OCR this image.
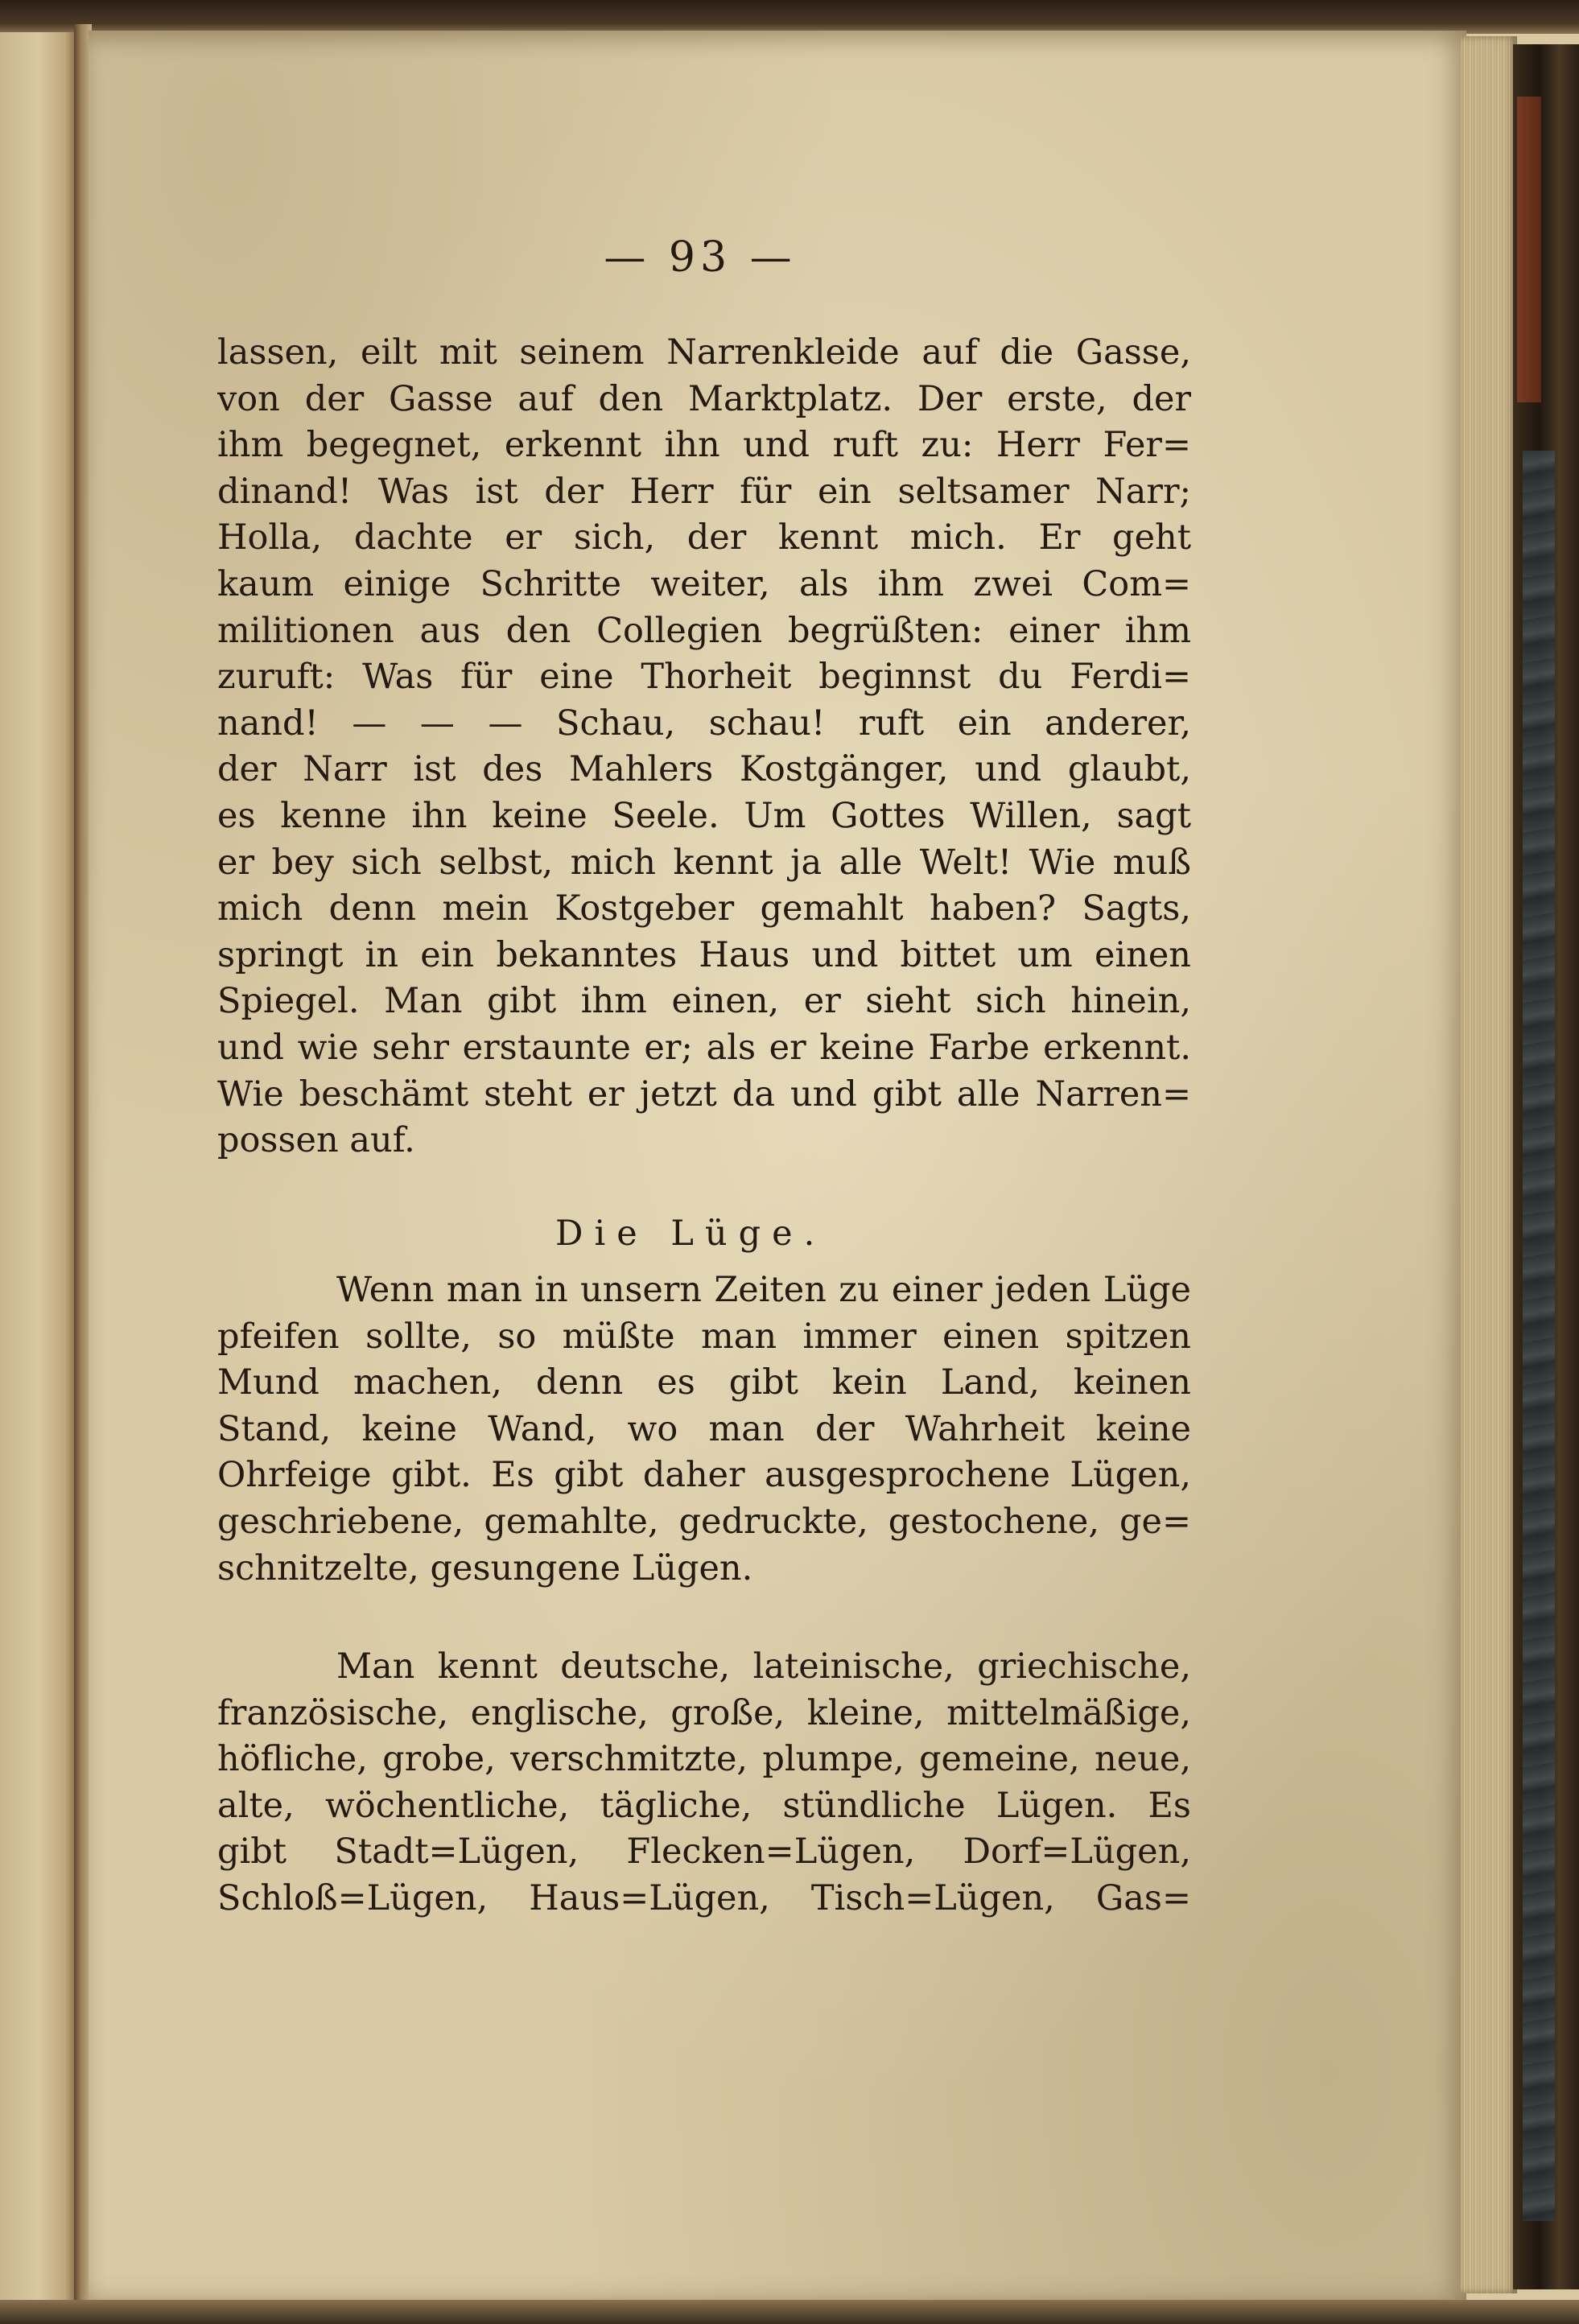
— 93 —
lassen, eilt mit seinem Narrenkleide auf die Gasse,
von der Gasse auf den Marktplatz. Der erste, der
ihm begegnet, erkennt ihn und ruft zu: Herr Fer=
dinand! Was ist der Herr für ein seltsamer Narr;
Holla, dachte er sich, der kennt mich. Er geht
kaum einige Schritte weiter, als ihm zwei Com=
militionen aus den Collegien begrüßten: einer ihm
zuruft: Was für eine Thorheit beginnst du Ferdi=
nand! — — — Schau, schau! ruft ein anderer,
der Narr ist des Mahlers Kostgänger, und glaubt,
es kenne ihn keine Seele. Um Gottes Willen, sagt
er bey sich selbst, mich kennt ja alle Welt! Wie muß
mich denn mein Kostgeber gemahlt haben? Sagts,
springt in ein bekanntes Haus und bittet um einen
Spiegel. Man gibt ihm einen, er sieht sich hinein,
und wie sehr erstaunte er; als er keine Farbe erkennt.
Wie beschämt steht er jetzt da und gibt alle Narren=
possen auf.
Die Lüge.
Wenn man in unsern Zeiten zu einer jeden Lüge
pfeifen sollte, so müßte man immer einen spitzen
Mund machen, denn es gibt kein Land, keinen
Stand, keine Wand, wo man der Wahrheit keine
Ohrfeige gibt. Es gibt daher ausgesprochene Lügen,
geschriebene, gemahlte, gedruckte, gestochene, ge=
schnitzelte, gesungene Lügen.
Man kennt deutsche, lateinische, griechische,
französische, englische, große, kleine, mittelmäßige,
höfliche, grobe, verschmitzte, plumpe, gemeine, neue,
alte, wöchentliche, tägliche, stündliche Lügen. Es
gibt Stadt=Lügen, Flecken=Lügen, Dorf=Lügen,
Schloß=Lügen, Haus=Lügen, Tisch=Lügen, Gas=
